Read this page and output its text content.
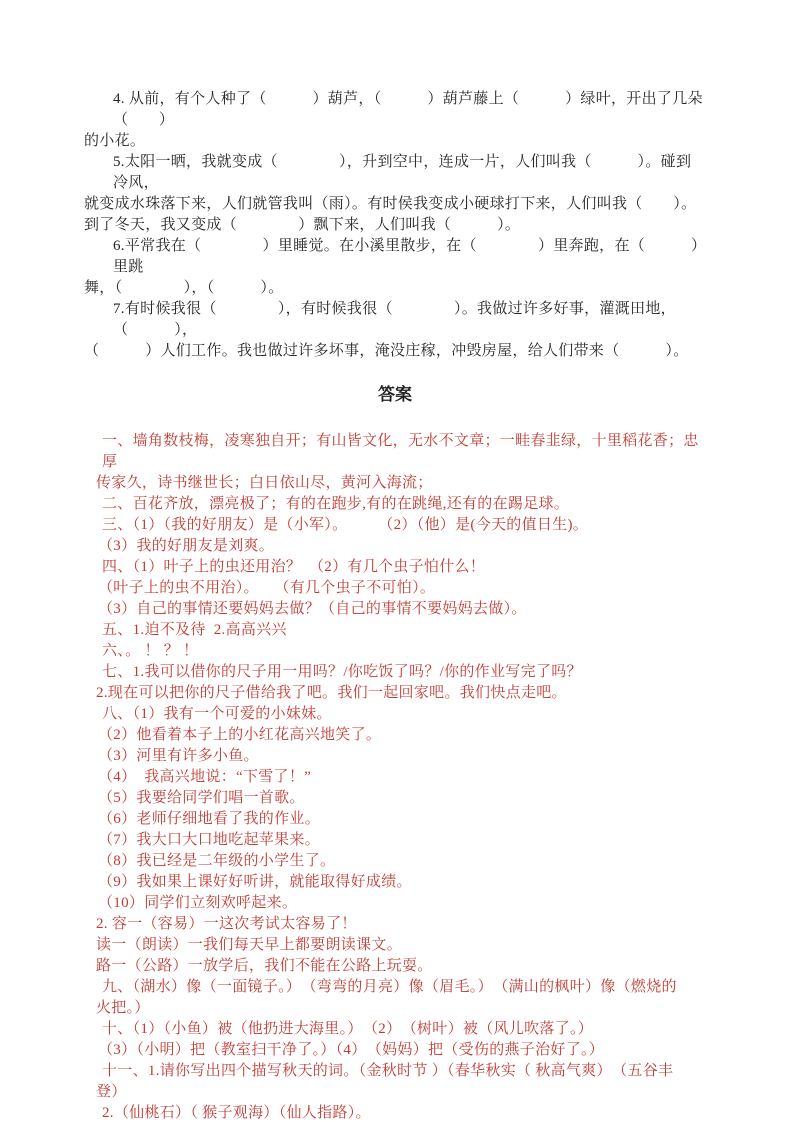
4. 从前，有个人种了（　　　）葫芦，（　　　）葫芦藤上（　　　）绿叶，开出了几朵（　　）
的小花。
5.太阳一晒，我就变成（　　　　），升到空中，连成一片，人们叫我（　　　）。碰到冷风，
就变成水珠落下来，人们就管我叫（雨）。有时侯我变成小硬球打下来，人们叫我（　　）。
到了冬天，我又变成（　　　　）飘下来，人们叫我（　　　）。
6.平常我在（　　　　）里睡觉。在小溪里散步，在（　　　　）里奔跑，在（　　　）里跳
舞，（　　　　），（　　　）。
7.有时候我很（　　　　），有时候我很（　　　　）。我做过许多好事，灌溉田地，（　　　），
（　　　）人们工作。我也做过许多坏事，淹没庄稼，冲毁房屋，给人们带来（　　　）。
答案
一、墙角数枝梅，凌寒独自开；有山皆文化，无水不文章；一畦春韭绿，十里稻花香；忠厚
传家久，诗书继世长；白日依山尽，黄河入海流；
二、百花齐放，漂亮极了；有的在跑步,有的在跳绳,还有的在踢足球。
三、（1）（我的好朋友）是（小军）。　　　（2）（他）是(今天的值日生)。
（3）我的好朋友是刘爽。
四、（1）叶子上的虫还用治？　（2）有几个虫子怕什么！
（叶子上的虫不用治）。　　（有几个虫子不可怕）。
（3）自己的事情还要妈妈去做？（自己的事情不要妈妈去做）。
五、1.迫不及待  2.高高兴兴
六、。 ！ ？ ！
七、1.我可以借你的尺子用一用吗？/你吃饭了吗？/你的作业写完了吗？
2.现在可以把你的尺子借给我了吧。我们一起回家吧。我们快点走吧。
八、（1）我有一个可爱的小妹妹。
（2）他看着本子上的小红花高兴地笑了。
（3）河里有许多小鱼。
（4）　我高兴地说：“下雪了！”
（5）我要给同学们唱一首歌。
（6）老师仔细地看了我的作业。
（7）我大口大口地吃起苹果来。
（8）我已经是二年级的小学生了。
（9）我如果上课好好听讲，就能取得好成绩。
（10）同学们立刻欢呼起来。
2. 容一（容易）一这次考试太容易了！
读一（朗读）一我们每天早上都要朗读课文。
路一（公路）一放学后，我们不能在公路上玩耍。
九、（湖水）像（一面镜子。）　（弯弯的月亮）像（眉毛。）　（满山的枫叶）像（燃烧的
火把。）
十、（1）（小鱼）被（他扔进大海里。）　（2）　（树叶）被（风儿吹落了。）
（3）（小明）把（教室扫干净了。）（4）　（妈妈）把（受伤的燕子治好了。）
十一、1.请你写出四个描写秋天的词。（金秋时节 ）（春华秋实（ 秋高气爽）　（五谷丰
登）
2.（仙桃石）（ 猴子观海）（仙人指路）。
